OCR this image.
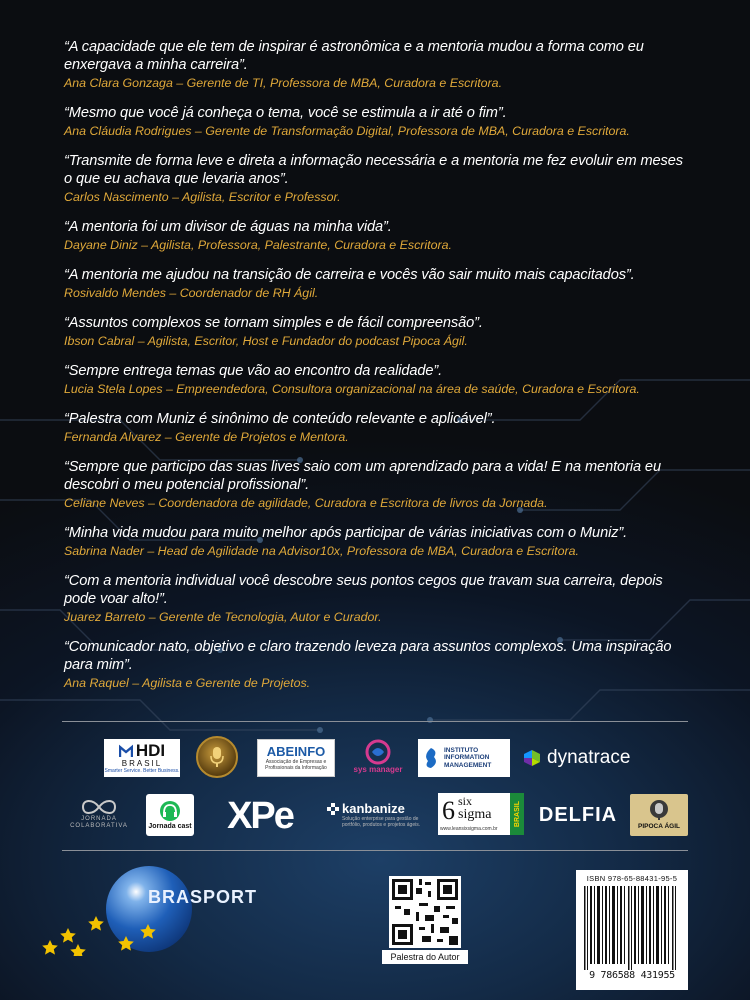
“A capacidade que ele tem de inspirar é astronômica e a mentoria mudou a forma como eu enxergava a minha carreira”.
Ana Clara Gonzaga – Gerente de TI, Professora de MBA, Curadora e Escritora.
“Mesmo que você já conheça o tema, você se estimula a ir até o fim”.
Ana Cláudia Rodrigues – Gerente de Transformação Digital, Professora de MBA, Curadora e Escritora.
“Transmite de forma leve e direta a informação necessária e a mentoria me fez evoluir em meses o que eu achava que levaria anos”.
Carlos Nascimento – Agilista, Escritor e Professor.
“A mentoria foi um divisor de águas na minha vida”.
Dayane Diniz – Agilista, Professora, Palestrante, Curadora e Escritora.
“A mentoria me ajudou na transição de carreira e vocês vão sair muito mais capacitados”.
Rosivaldo Mendes – Coordenador de RH Ágil.
“Assuntos complexos se tornam simples e de fácil compreensão”.
Ibson Cabral – Agilista, Escritor, Host e Fundador do podcast Pipoca Ágil.
“Sempre entrega temas que vão ao encontro da realidade”.
Lucia Stela Lopes – Empreendedora, Consultora organizacional na área de saúde, Curadora e Escritora.
“Palestra com Muniz é sinônimo de conteúdo relevante e aplicável”.
Fernanda Alvarez – Gerente de Projetos e Mentora.
“Sempre que participo das suas lives saio com um aprendizado para a vida! E na mentoria eu descobri o meu potencial profissional”.
Celiane Neves – Coordenadora de agilidade, Curadora e Escritora de livros da Jornada.
“Minha vida mudou para muito melhor após participar de várias iniciativas com o Muniz”.
Sabrina Nader – Head de Agilidade na Advisor10x, Professora de MBA, Curadora e Escritora.
“Com a mentoria individual você descobre seus pontos cegos que travam sua carreira, depois pode voar alto!”.
Juarez Barreto – Gerente de Tecnologia, Autor e Curador.
“Comunicador nato, objetivo e claro trazendo leveza para assuntos complexos. Uma inspiração para mim”.
Ana Raquel – Agilista e Gerente de Projetos.
HDI
BRASIL
Smarter Service. Better Business.
ABEINFO
Associação de Empresas e Profissionais da Informação	sys manager
INSTITUTO
INFORMATION
MANAGEMENT	dynatrace
JORNADA
COLABORATIVA	Jornada cast XPe	kanbanize
Solução enterprise para gestão de portfólio, produtos e projetos ágeis. 6 six
sigma
www.leansixsigma.com.br
BRASIL DELFIA
PIPOCA ÁGIL
BRASPORT
Palestra do Autor
ISBN 978-65-88431-95-5
9 786588 431955
